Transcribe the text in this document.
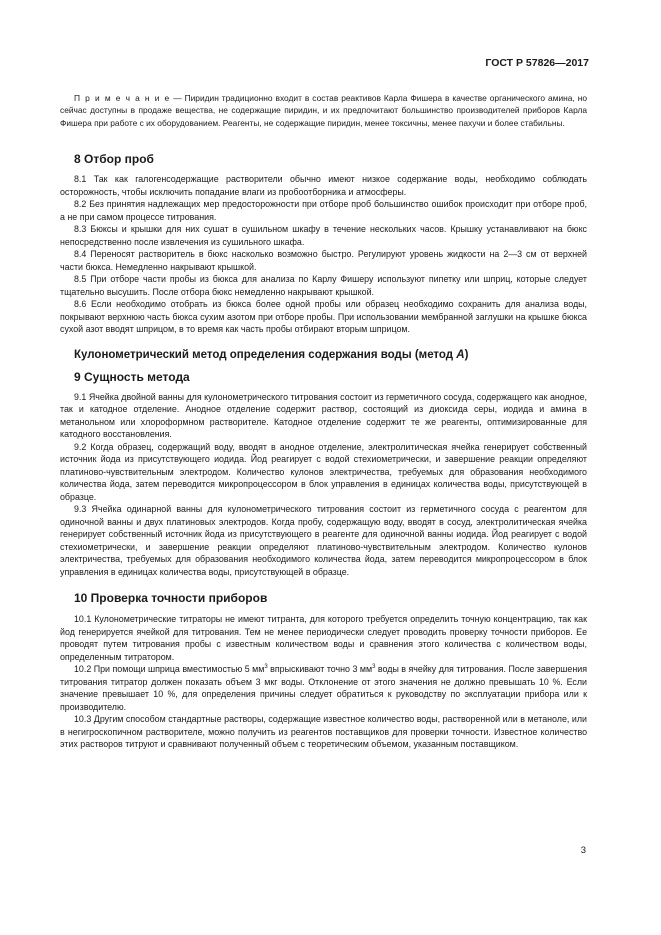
ГОСТ Р 57826—2017

П р и м е ч а н и е — Пиридин традиционно входит в состав реактивов Карла Фишера в качестве органического амина, но сейчас доступны в продаже вещества, не содержащие пиридин, и их предпочитают большинство производителей приборов Карла Фишера при работе с их оборудованием. Реагенты, не содержащие пиридин, менее токсичны, менее пахучи и более стабильны.

8 Отбор проб

8.1 Так как галогенсодержащие растворители обычно имеют низкое содержание воды, необходимо соблюдать осторожность, чтобы исключить попадание влаги из пробоотборника и атмосферы.

8.2 Без принятия надлежащих мер предосторожности при отборе проб большинство ошибок происходит при отборе проб, а не при самом процессе титрования.

8.3 Бюксы и крышки для них сушат в сушильном шкафу в течение нескольких часов. Крышку устанавливают на бюкс непосредственно после извлечения из сушильного шкафа.

8.4 Переносят растворитель в бюкс насколько возможно быстро. Регулируют уровень жидкости на 2—3 см от верхней части бюкса. Немедленно накрывают крышкой.

8.5 При отборе части пробы из бюкса для анализа по Карлу Фишеру используют пипетку или шприц, которые следует тщательно высушить. После отбора бюкс немедленно накрывают крышкой.

8.6 Если необходимо отобрать из бюкса более одной пробы или образец необходимо сохранить для анализа воды, покрывают верхнюю часть бюкса сухим азотом при отборе пробы. При использовании мембранной заглушки на крышке бюкса сухой азот вводят шприцом, в то время как часть пробы отбирают вторым шприцом.

Кулонометрический метод определения содержания воды (метод А)
9 Сущность метода

9.1 Ячейка двойной ванны для кулонометрического титрования состоит из герметичного сосуда, содержащего как анодное, так и катодное отделение. Анодное отделение содержит раствор, состоящий из диоксида серы, иодида и амина в метанольном или хлороформном растворителе. Катодное отделение содержит те же реагенты, оптимизированные для катодного восстановления.

9.2 Когда образец, содержащий воду, вводят в анодное отделение, электролитическая ячейка генерирует собственный источник йода из присутствующего иодида. Йод реагирует с водой стехиометрически, и завершение реакции определяют платиново-чувствительным электродом. Количество кулонов электричества, требуемых для образования необходимого количества йода, затем переводится микропроцессором в блок управления в единицах количества воды, присутствующей в образце.

9.3 Ячейка одинарной ванны для кулонометрического титрования состоит из герметичного сосуда с реагентом для одиночной ванны и двух платиновых электродов. Когда пробу, содержащую воду, вводят в сосуд, электролитическая ячейка генерирует собственный источник йода из присутствующего в реагенте для одиночной ванны иодида. Йод реагирует с водой стехиометрически, и завершение реакции определяют платиново-чувствительным электродом. Количество кулонов электричества, требуемых для образования необходимого количества йода, затем переводится микропроцессором в блок управления в единицах количества воды, присутствующей в образце.

10 Проверка точности приборов

10.1 Кулонометрические титраторы не имеют титранта, для которого требуется определить точную концентрацию, так как йод генерируется ячейкой для титрования. Тем не менее периодически следует проводить проверку точности приборов. Ее проводят путем титрования пробы с известным количеством воды и сравнения этого количества с количеством воды, определенным титратором.

10.2 При помощи шприца вместимостью 5 $мм^3$ впрыскивают точно 3 $мм^3$ воды в ячейку для титрования. После завершения титрования титратор должен показать объем 3 мкг воды. Отклонение от этого значения не должно превышать 10 %. Если значение превышает 10 %, для определения причины следует обратиться к руководству по эксплуатации прибора или к производителю.

10.3 Другим способом стандартные растворы, содержащие известное количество воды, растворенной или в метаноле, или в негигроскопичном растворителе, можно получить из реагентов поставщиков для проверки точности. Известное количество этих растворов титруют и сравнивают полученный объем с теоретическим объемом, указанным поставщиком.

3
